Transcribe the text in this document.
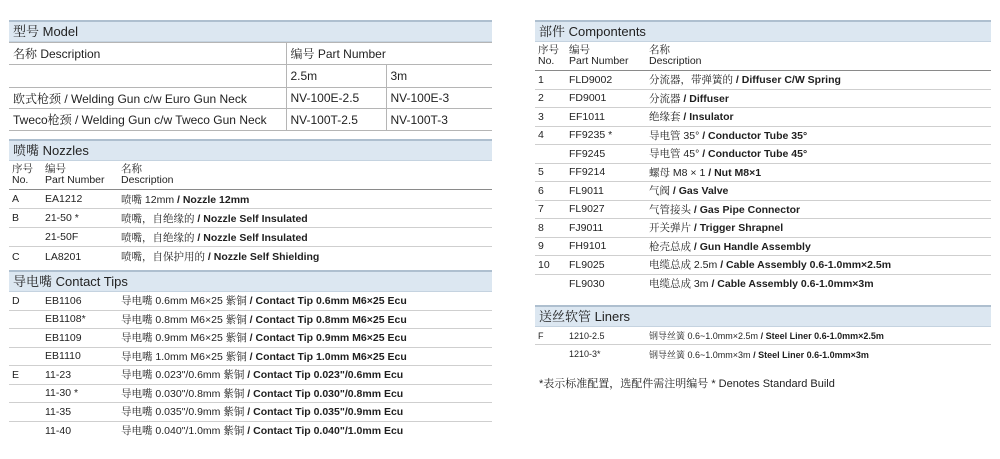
型号 Model
名称 Description	编号 Part Number	
	2.5m	3m
欧式枪颈 / Welding Gun c/w Euro Gun Neck	NV-100E-2.5	NV-100E-3
Tweco枪颈 / Welding Gun c/w Tweco Gun Neck	NV-100T-2.5	NV-100T-3
喷嘴 Nozzles
序号
No.
编号
Part Number
名称
Description
A	EA1212	喷嘴 12mm / Nozzle 12mm
B	21-50 *	喷嘴，自绝缘的 / Nozzle Self Insulated
21-50F	喷嘴，自绝缘的 / Nozzle Self Insulated
C	LA8201	喷嘴，自保护用的 / Nozzle Self Shielding
导电嘴 Contact Tips
D	EB1106	导电嘴 0.6mm M6×25 紫铜 / Contact Tip 0.6mm M6×25 Ecu
EB1108*	导电嘴 0.8mm M6×25 紫铜 / Contact Tip 0.8mm M6×25 Ecu
EB1109	导电嘴 0.9mm M6×25 紫铜 / Contact Tip 0.9mm M6×25 Ecu
EB1110	导电嘴 1.0mm M6×25 紫铜 / Contact Tip 1.0mm M6×25 Ecu
E	11-23	导电嘴 0.023"/0.6mm 紫铜 / Contact Tip 0.023"/0.6mm Ecu
11-30 *	导电嘴 0.030"/0.8mm 紫铜 / Contact Tip 0.030"/0.8mm Ecu
11-35	导电嘴 0.035"/0.9mm 紫铜 / Contact Tip 0.035"/0.9mm Ecu
11-40	导电嘴 0.040"/1.0mm 紫铜 / Contact Tip 0.040"/1.0mm Ecu
部件 Compontents
序号
No.
编号
Part Number
名称
Description
1	FLD9002	分流器，带弹簧的 / Diffuser C/W Spring
2	FD9001	分流器 / Diffuser
3	EF1011	绝缘套 / Insulator
4	FF9235 *	导电管 35° / Conductor Tube 35°
FF9245	导电管 45° / Conductor Tube 45°
5	FF9214	螺母 M8 × 1 / Nut M8×1
6	FL9011	气阀 / Gas Valve
7	FL9027	气管接头 / Gas Pipe Connector
8	FJ9011	开关弹片 / Trigger Shrapnel
9	FH9101	枪壳总成 / Gun Handle Assembly
10	FL9025	电缆总成 2.5m / Cable Assembly 0.6-1.0mm×2.5m
FL9030	电缆总成 3m / Cable Assembly 0.6-1.0mm×3m
送丝软管 Liners
F	1210-2.5	钢导丝簧 0.6~1.0mm×2.5m / Steel Liner 0.6-1.0mm×2.5m
1210-3*	钢导丝簧 0.6~1.0mm×3m / Steel Liner 0.6-1.0mm×3m
*表示标准配置，选配件需注明编号 * Denotes Standard Build
